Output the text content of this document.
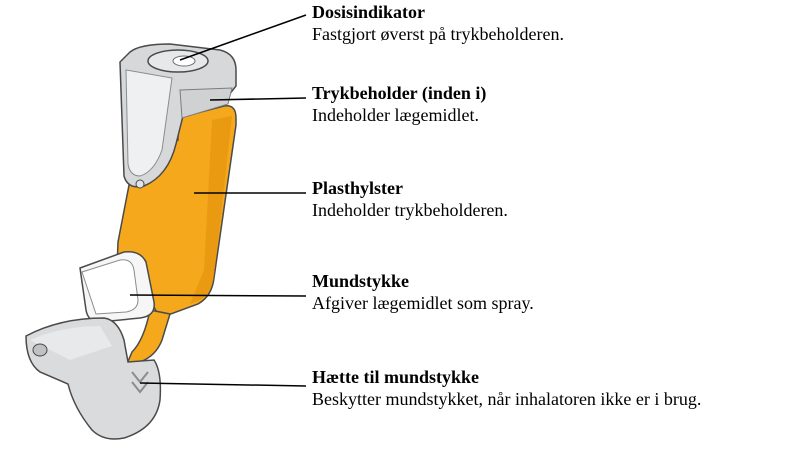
Dosisindikator
Fastgjort øverst på trykbeholderen.
Trykbeholder (inden i)
Indeholder lægemidlet.
Plasthylster
Indeholder trykbeholderen.
Mundstykke
Afgiver lægemidlet som spray.
Hætte til mundstykke
Beskytter mundstykket, når inhalatoren ikke er i brug.
